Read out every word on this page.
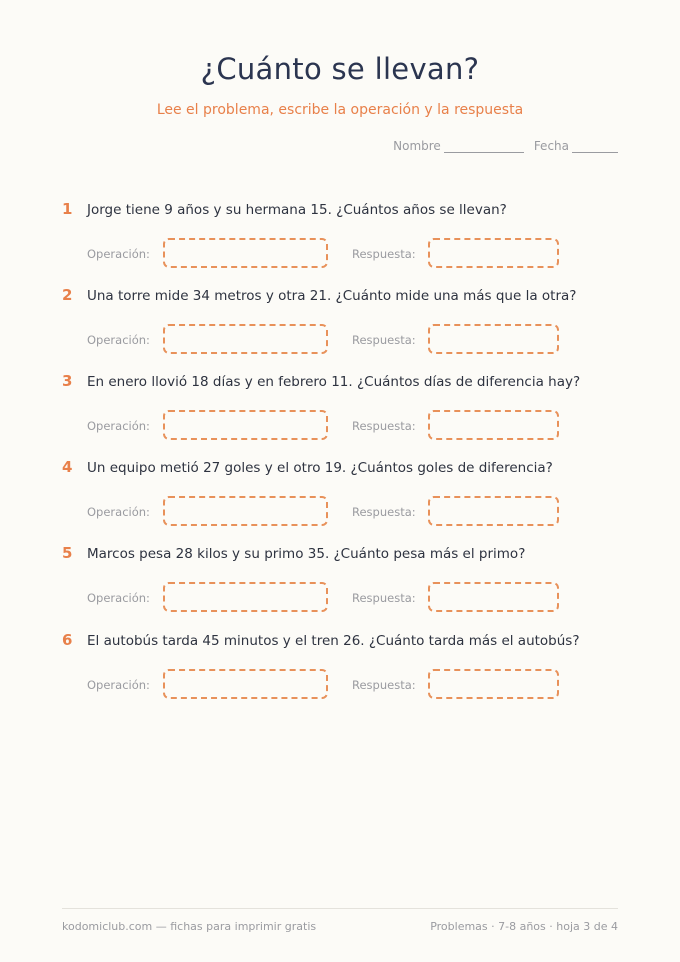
¿Cuánto se llevan?
Lee el problema, escribe la operación y la respuesta
Nombre	Fecha
1	Jorge tiene 9 años y su hermana 15. ¿Cuántos años se llevan?
Operación:	Respuesta:
2	Una torre mide 34 metros y otra 21. ¿Cuánto mide una más que la otra?
Operación:	Respuesta:
3	En enero llovió 18 días y en febrero 11. ¿Cuántos días de diferencia hay?
Operación:	Respuesta:
4	Un equipo metió 27 goles y el otro 19. ¿Cuántos goles de diferencia?
Operación:	Respuesta:
5	Marcos pesa 28 kilos y su primo 35. ¿Cuánto pesa más el primo?
Operación:	Respuesta:
6	El autobús tarda 45 minutos y el tren 26. ¿Cuánto tarda más el autobús?
Operación:	Respuesta:
kodomiclub.com — fichas para imprimir gratis	Problemas · 7-8 años · hoja 3 de 4
